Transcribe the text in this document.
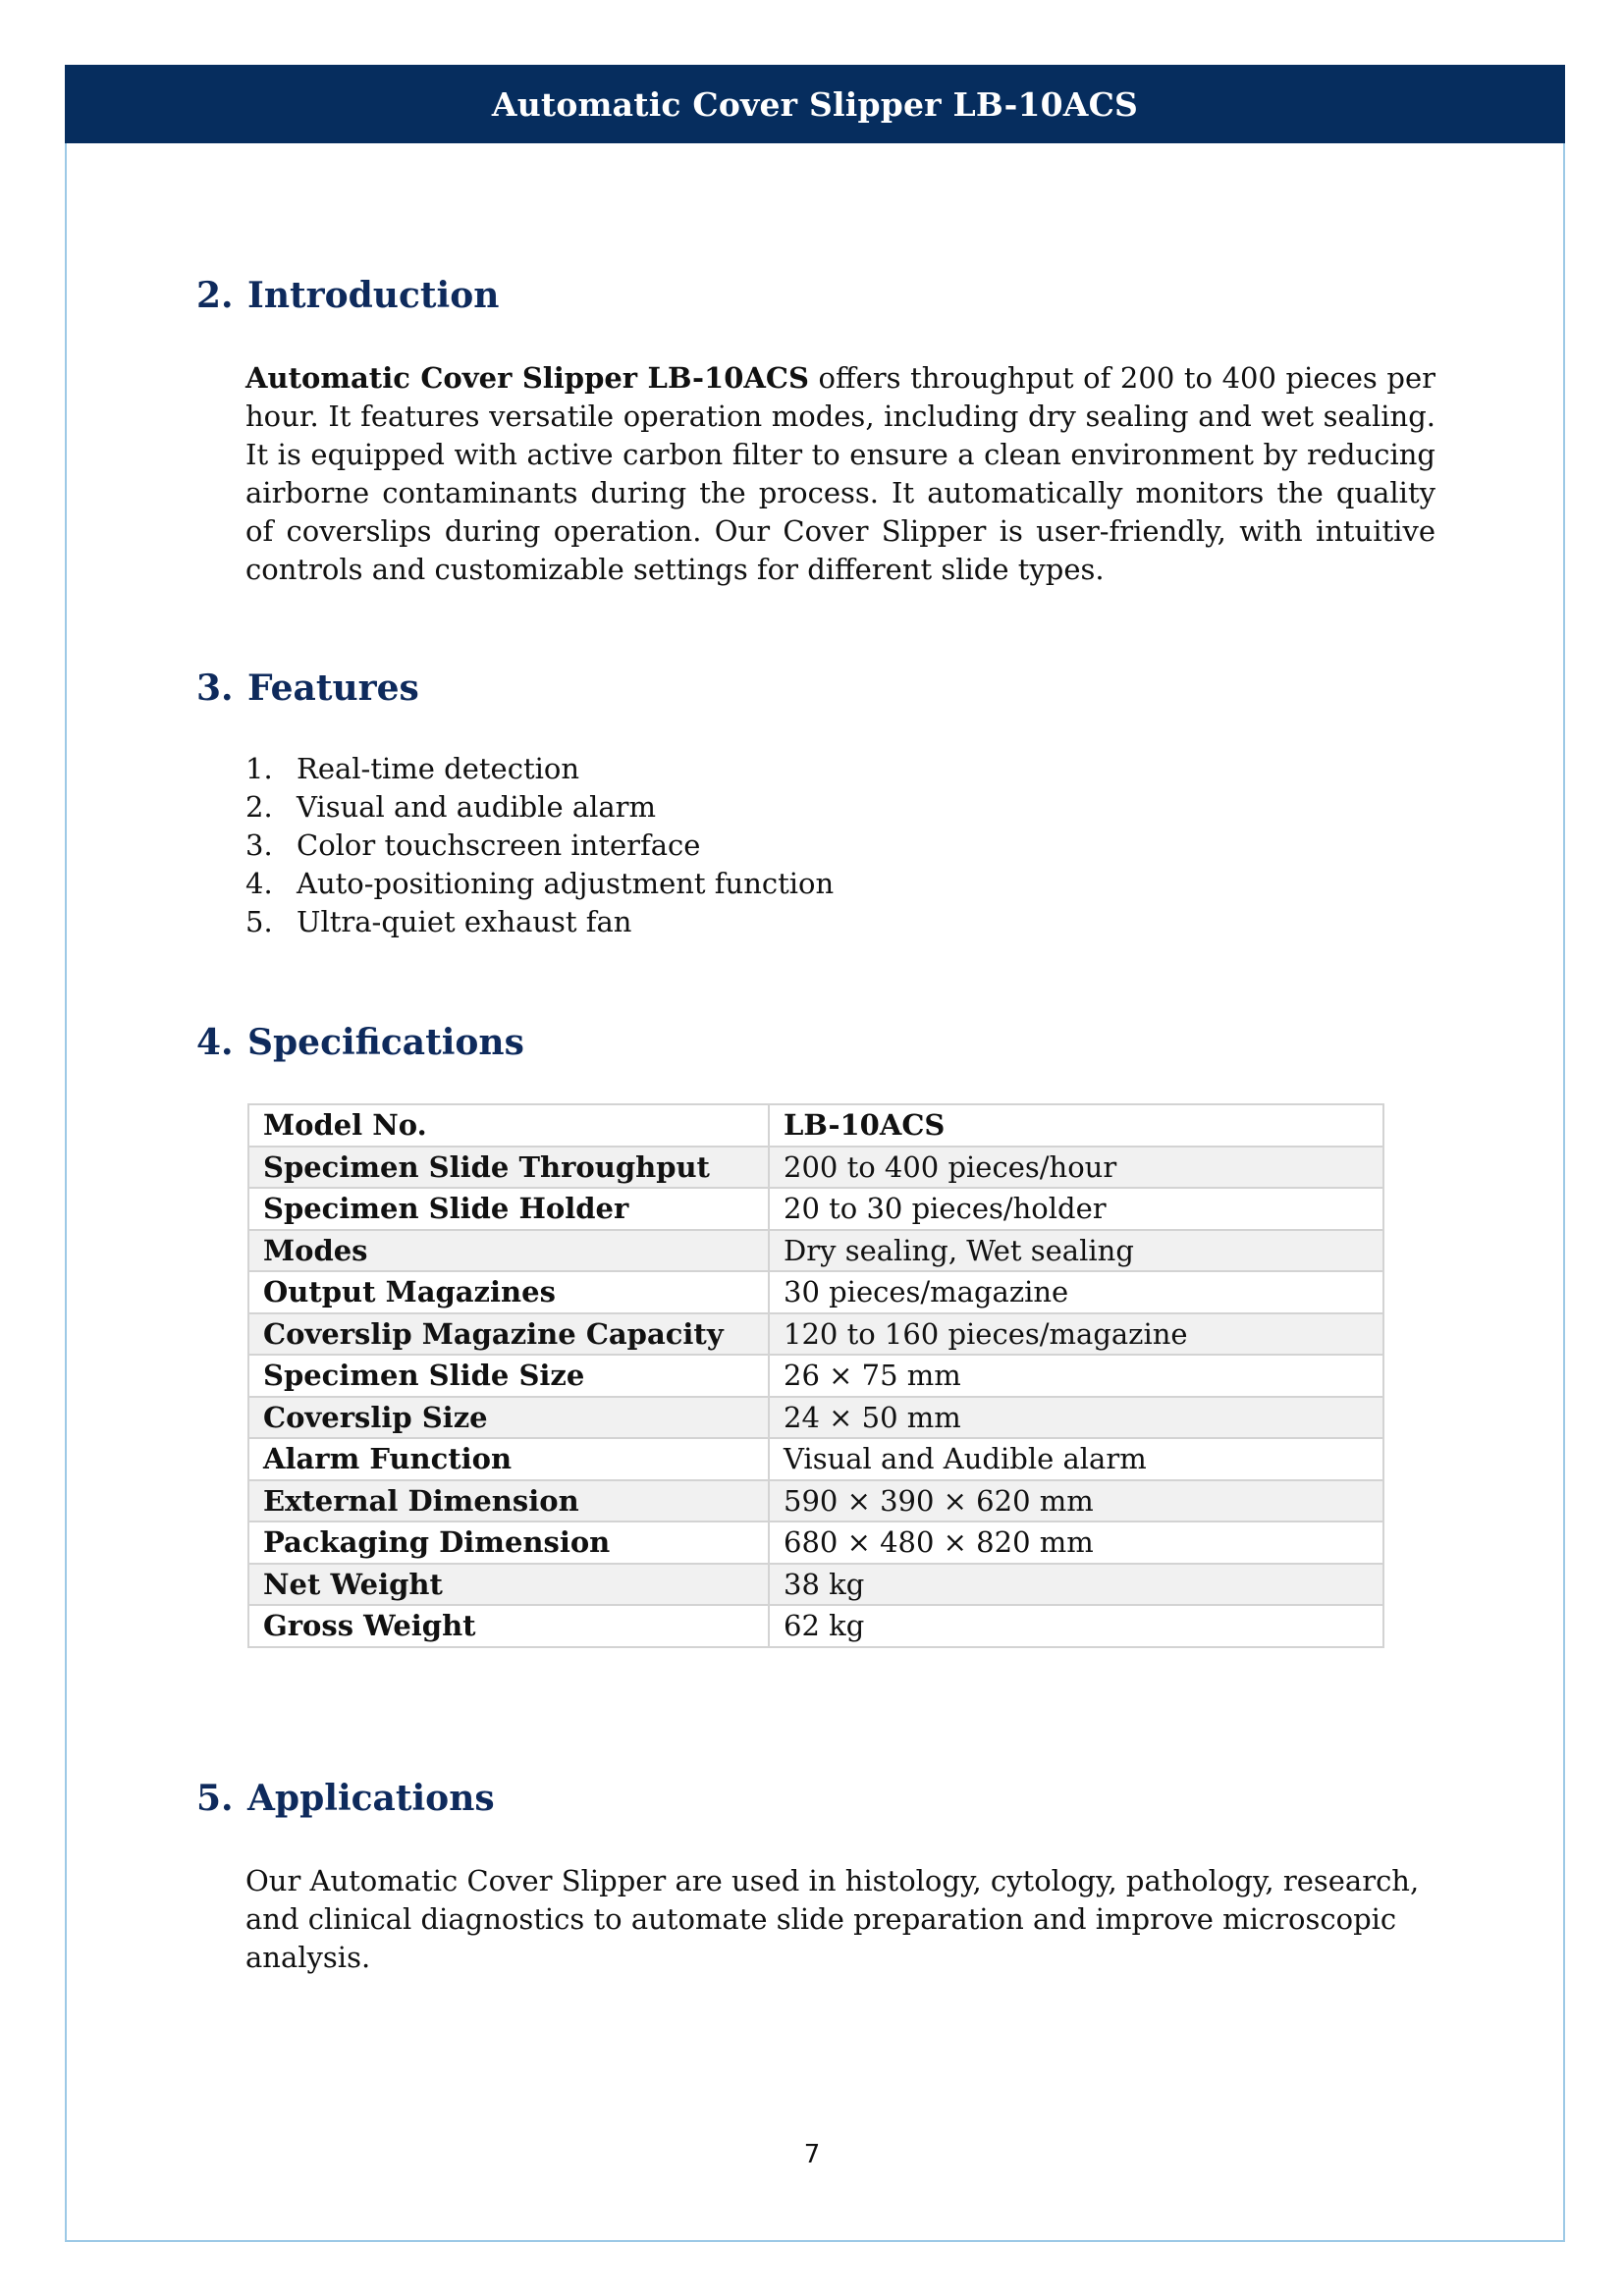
Automatic Cover Slipper LB-10ACS
2. Introduction
Automatic Cover Slipper LB-10ACS offers throughput of 200 to 400 pieces per hour. It features versatile operation modes, including dry sealing and wet sealing. It is equipped with active carbon filter to ensure a clean environment by reducing airborne contaminants during the process. It automatically monitors the quality of coverslips during operation. Our Cover Slipper is user-friendly, with intuitive controls and customizable settings for different slide types.
3. Features
1. Real-time detection
2. Visual and audible alarm
3. Color touchscreen interface
4. Auto-positioning adjustment function
5. Ultra-quiet exhaust fan
4. Specifications
Model No.	LB-10ACS
Specimen Slide Throughput	200 to 400 pieces/hour
Specimen Slide Holder	20 to 30 pieces/holder
Modes	Dry sealing, Wet sealing
Output Magazines	30 pieces/magazine
Coverslip Magazine Capacity	120 to 160 pieces/magazine
Specimen Slide Size	26 × 75 mm
Coverslip Size	24 × 50 mm
Alarm Function	Visual and Audible alarm
External Dimension	590 × 390 × 620 mm
Packaging Dimension	680 × 480 × 820 mm
Net Weight	38 kg
Gross Weight	62 kg
5. Applications
Our Automatic Cover Slipper are used in histology, cytology, pathology, research, and clinical diagnostics to automate slide preparation and improve microscopic analysis.
7
